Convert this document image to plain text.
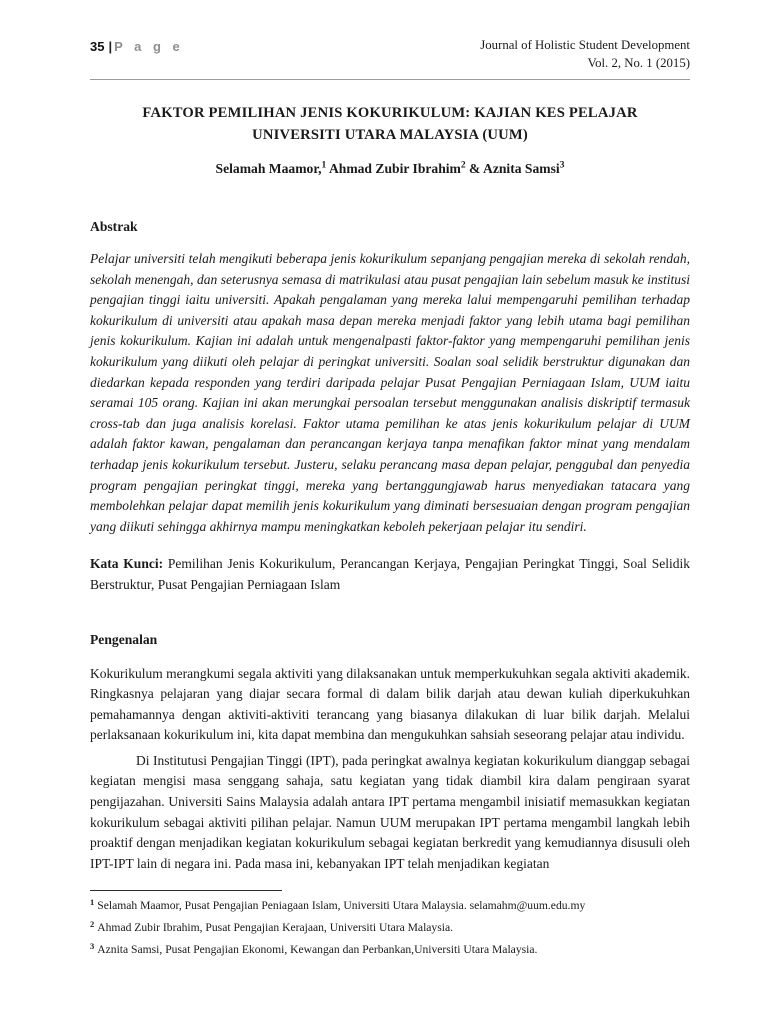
35 | P a g e	Journal of Holistic Student Development
Vol. 2, No. 1 (2015)
FAKTOR PEMILIHAN JENIS KOKURIKULUM: KAJIAN KES PELAJAR
UNIVERSITI UTARA MALAYSIA (UUM)
Selamah Maamor,$^1$ Ahmad Zubir Ibrahim$^2$ & Aznita Samsi$^3$
Abstrak

Pelajar universiti telah mengikuti beberapa jenis kokurikulum sepanjang pengajian mereka di sekolah rendah, sekolah menengah, dan seterusnya semasa di matrikulasi atau pusat pengajian lain sebelum masuk ke institusi pengajian tinggi iaitu universiti. Apakah pengalaman yang mereka lalui mempengaruhi pemilihan terhadap kokurikulum di universiti atau apakah masa depan mereka menjadi faktor yang lebih utama bagi pemilihan jenis kokurikulum. Kajian ini adalah untuk mengenalpasti faktor-faktor yang mempengaruhi pemilihan jenis kokurikulum yang diikuti oleh pelajar di peringkat universiti. Soalan soal selidik berstruktur digunakan dan diedarkan kepada responden yang terdiri daripada pelajar Pusat Pengajian Perniagaan Islam, UUM iaitu seramai 105 orang. Kajian ini akan merungkai persoalan tersebut menggunakan analisis diskriptif termasuk cross-tab dan juga analisis korelasi. Faktor utama pemilihan ke atas jenis kokurikulum pelajar di UUM adalah faktor kawan, pengalaman dan perancangan kerjaya tanpa menafikan faktor minat yang mendalam terhadap jenis kokurikulum tersebut. Justeru, selaku perancang masa depan pelajar, penggubal dan penyedia program pengajian peringkat tinggi, mereka yang bertanggungjawab harus menyediakan tatacara yang membolehkan pelajar dapat memilih jenis kokurikulum yang diminati bersesuaian dengan program pengajian yang diikuti sehingga akhirnya mampu meningkatkan keboleh pekerjaan pelajar itu sendiri.

Kata Kunci: Pemilihan Jenis Kokurikulum, Perancangan Kerjaya, Pengajian Peringkat Tinggi, Soal Selidik Berstruktur, Pusat Pengajian Perniagaan Islam

Pengenalan

Kokurikulum merangkumi segala aktiviti yang dilaksanakan untuk memperkukuhkan segala aktiviti akademik. Ringkasnya pelajaran yang diajar secara formal di dalam bilik darjah atau dewan kuliah diperkukuhkan pemahamannya dengan aktiviti-aktiviti terancang yang biasanya dilakukan di luar bilik darjah. Melalui perlaksanaan kokurikulum ini, kita dapat membina dan mengukuhkan sahsiah seseorang pelajar atau individu.

Di Institutusi Pengajian Tinggi (IPT), pada peringkat awalnya kegiatan kokurikulum dianggap sebagai kegiatan mengisi masa senggang sahaja, satu kegiatan yang tidak diambil kira dalam pengiraan syarat pengijazahan. Universiti Sains Malaysia adalah antara IPT pertama mengambil inisiatif memasukkan kegiatan kokurikulum sebagai aktiviti pilihan pelajar. Namun UUM merupakan IPT pertama mengambil langkah lebih proaktif dengan menjadikan kegiatan kokurikulum sebagai kegiatan berkredit yang kemudiannya disusuli oleh IPT-IPT lain di negara ini. Pada masa ini, kebanyakan IPT telah menjadikan kegiatan

$^1$ Selamah Maamor, Pusat Pengajian Peniagaan Islam, Universiti Utara Malaysia. selamahm@uum.edu.my

$^2$ Ahmad Zubir Ibrahim, Pusat Pengajian Kerajaan, Universiti Utara Malaysia.

$^3$ Aznita Samsi, Pusat Pengajian Ekonomi, Kewangan dan Perbankan,Universiti Utara Malaysia.
